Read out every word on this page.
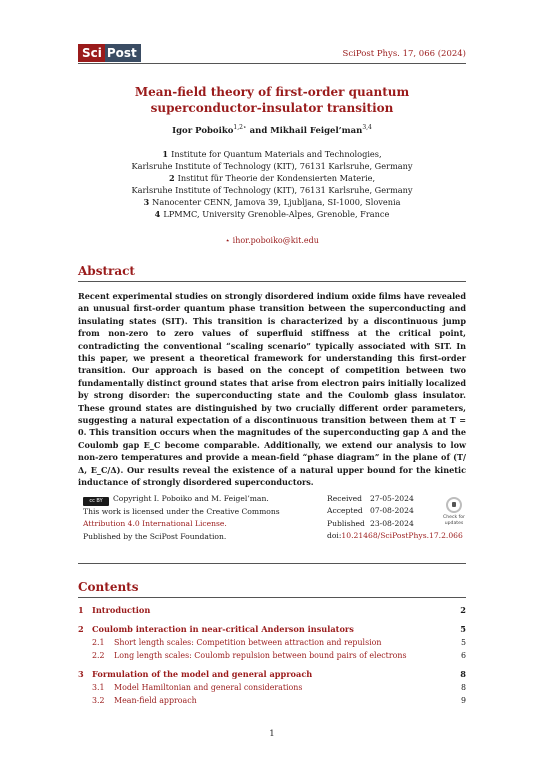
Sci Post	SciPost Phys. 17, 066 (2024)
Mean-field theory of first-order quantum
superconductor-insulator transition
Igor Poboiko$^{1,2⋆}$ and Mikhail Feigel’man$^{3,4}$
1 Institute for Quantum Materials and Technologies,
Karlsruhe Institute of Technology (KIT), 76131 Karlsruhe, Germany
2 Institut für Theorie der Kondensierten Materie,
Karlsruhe Institute of Technology (KIT), 76131 Karlsruhe, Germany
3 Nanocenter CENN, Jamova 39, Ljubljana, SI-1000, Slovenia
4 LPMMC, University Grenoble-Alpes, Grenoble, France
⋆ ihor.poboiko@kit.edu
Abstract
Recent experimental studies on strongly disordered indium oxide films have revealed an unusual first-order quantum phase transition between the superconducting and insulating states (SIT). This transition is characterized by a discontinuous jump from non-zero to zero values of superfluid stiffness at the critical point, contradicting the conventional “scaling scenario” typically associated with SIT. In this paper, we present a theoretical framework for understanding this first-order transition. Our approach is based on the concept of competition between two fundamentally distinct ground states that arise from electron pairs initially localized by strong disorder: the superconducting state and the Coulomb glass insulator. These ground states are distinguished by two crucially different order parameters, suggesting a natural expectation of a discontinuous transition between them at T = 0. This transition occurs when the magnitudes of the superconducting gap Δ and the Coulomb gap E_C become comparable. Additionally, we extend our analysis to low non-zero temperatures and provide a mean-field “phase diagram” in the plane of (T/Δ, E_C/Δ). Our results reveal the existence of a natural upper bound for the kinetic inductance of strongly disordered superconductors.
cc BY Copyright I. Poboiko and M. Feigel’man.
This work is licensed under the Creative Commons
Attribution 4.0 International License.
Published by the SciPost Foundation.
Received 27-05-2024
Accepted 07-08-2024
Published 23-08-2024
doi:10.21468/SciPostPhys.17.2.066
Check for
updates
Contents
1 Introduction	2
2 Coulomb interaction in near-critical Anderson insulators	5
2.1 Short length scales: Competition between attraction and repulsion	5
2.2 Long length scales: Coulomb repulsion between bound pairs of electrons	6
3 Formulation of the model and general approach	8
3.1 Model Hamiltonian and general considerations	8
3.2 Mean-field approach	9
1
